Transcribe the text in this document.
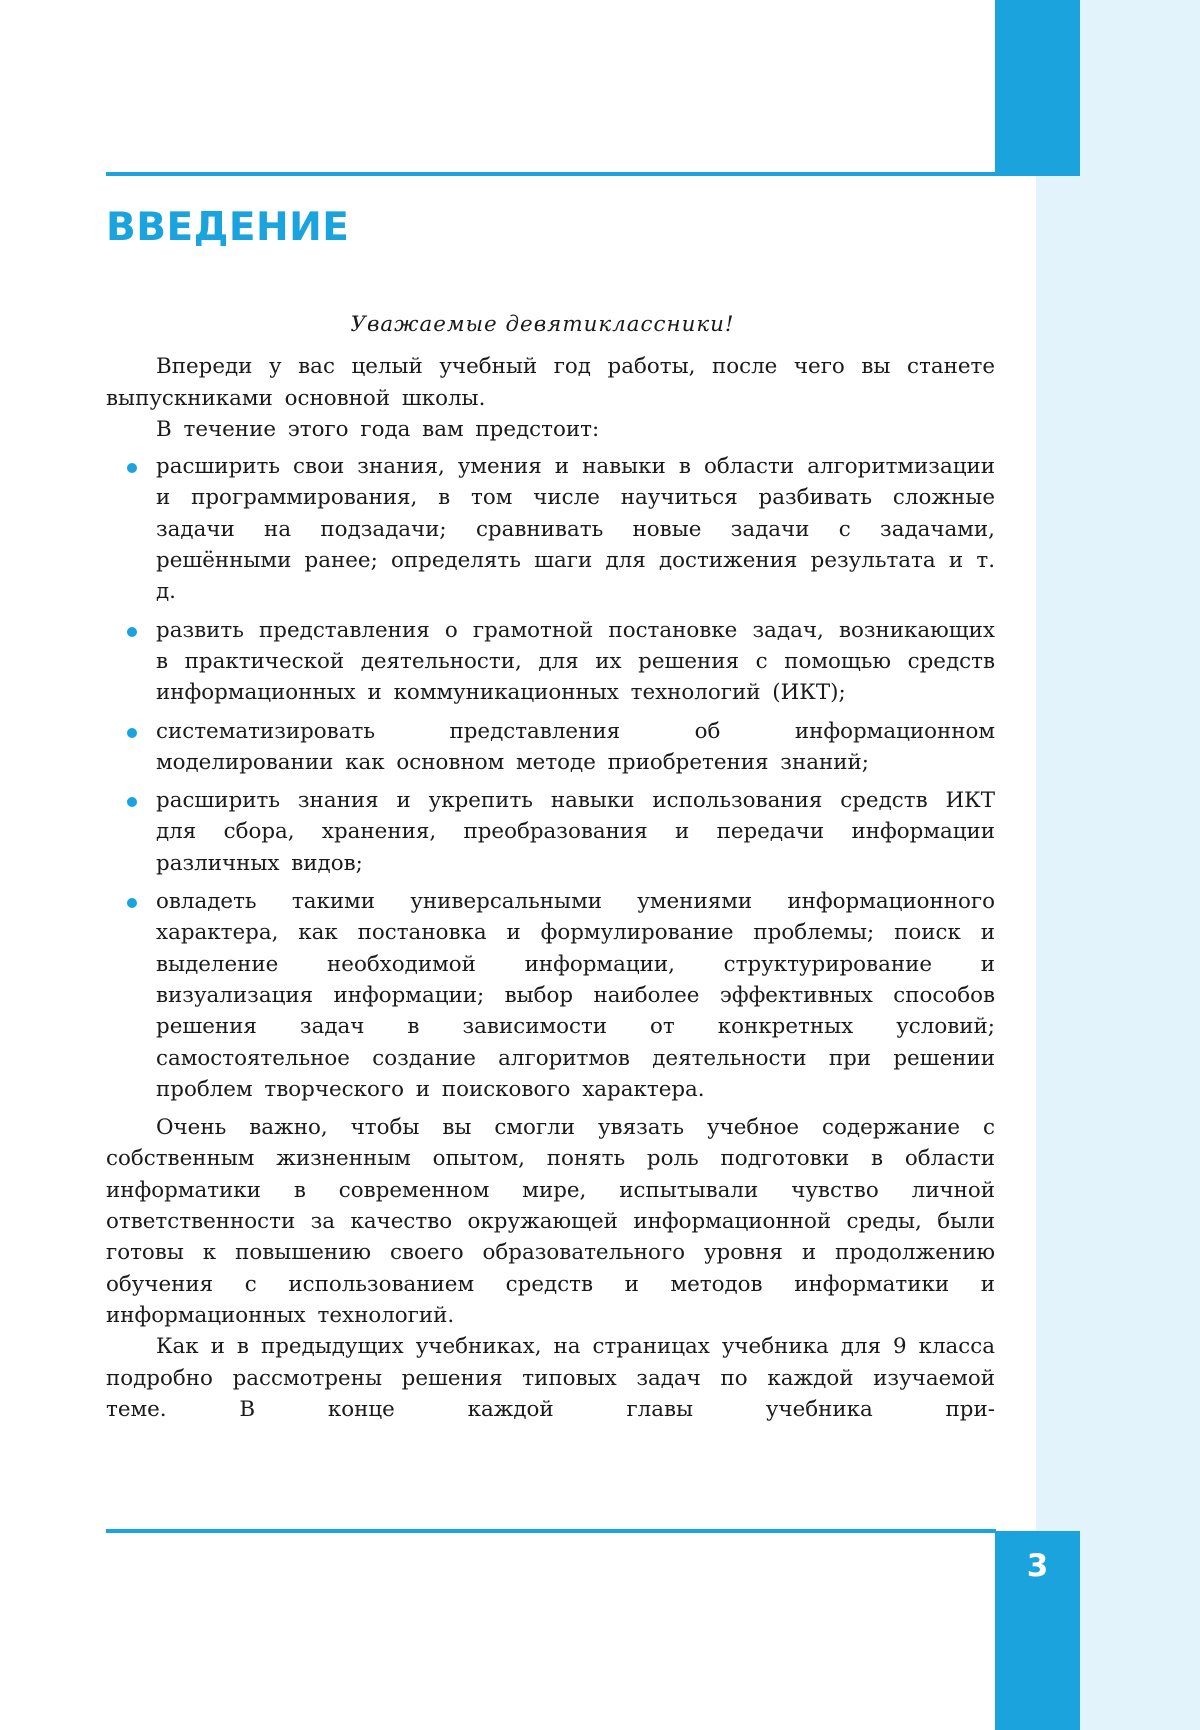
ВВЕДЕНИЕ
Уважаемые девятиклассники!

Впереди у вас целый учебный год работы, после чего вы станете выпускниками основной школы.

В течение этого года вам предстоит:

расширить свои знания, умения и навыки в области алгоритмизации и программирования, в том числе научиться разбивать сложные задачи на подзадачи; сравнивать новые задачи с задачами, решёнными ранее; определять шаги для достижения результата и т. д.
развить представления о грамотной постановке задач, возникающих в практической деятельности, для их решения с помощью средств информационных и коммуникационных технологий (ИКТ);
систематизировать представления об информационном моделировании как основном методе приобретения знаний;
расширить знания и укрепить навыки использования средств ИКТ для сбора, хранения, преобразования и передачи информации различных видов;
овладеть такими универсальными умениями информационного характера, как постановка и формулирование проблемы; поиск и выделение необходимой информации, структурирование и визуализация информации; выбор наиболее эффективных способов решения задач в зависимости от конкретных условий; самостоятельное создание алгоритмов деятельности при решении проблем творческого и поискового характера.

Очень важно, чтобы вы смогли увязать учебное содержание с собственным жизненным опытом, понять роль подготовки в области информатики в современном мире, испытывали чувство личной ответственности за качество окружающей информационной среды, были готовы к повышению своего образовательного уровня и продолжению обучения с использованием средств и методов информатики и информационных технологий.

Как и в предыдущих учебниках, на страницах учебника для 9 класса подробно рассмотрены решения типовых задач по каждой изучаемой теме. В конце каждой главы учебника при-

3
